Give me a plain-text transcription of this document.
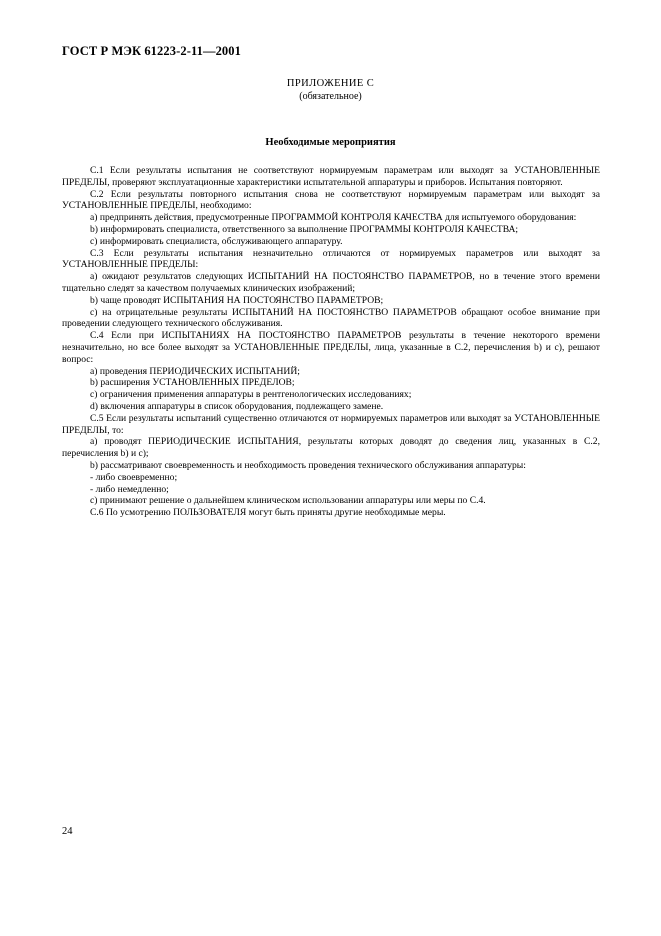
ГОСТ Р МЭК 61223-2-11—2001
ПРИЛОЖЕНИЕ С
(обязательное)
Необходимые мероприятия

С.1 Если результаты испытания не соответствуют нормируемым параметрам или выходят за УСТАНОВЛЕННЫЕ ПРЕДЕЛЫ, проверяют эксплуатационные характеристики испытательной аппаратуры и приборов. Испытания повторяют.

С.2 Если результаты повторного испытания снова не соответствуют нормируемым параметрам или выходят за УСТАНОВЛЕННЫЕ ПРЕДЕЛЫ, необходимо:

a) предпринять действия, предусмотренные ПРОГРАММОЙ КОНТРОЛЯ КАЧЕСТВА для испытуемого оборудования:

b) информировать специалиста, ответственного за выполнение ПРОГРАММЫ КОНТРОЛЯ КАЧЕСТВА;

c) информировать специалиста, обслуживающего аппаратуру.

С.3 Если результаты испытания незначительно отличаются от нормируемых параметров или выходят за УСТАНОВЛЕННЫЕ ПРЕДЕЛЫ:

a) ожидают результатов следующих ИСПЫТАНИЙ НА ПОСТОЯНСТВО ПАРАМЕТРОВ, но в течение этого времени тщательно следят за качеством получаемых клинических изображений;

b) чаще проводят ИСПЫТАНИЯ НА ПОСТОЯНСТВО ПАРАМЕТРОВ;

c) на отрицательные результаты ИСПЫТАНИЙ НА ПОСТОЯНСТВО ПАРАМЕТРОВ обращают особое внимание при проведении следующего технического обслуживания.

С.4 Если при ИСПЫТАНИЯХ НА ПОСТОЯНСТВО ПАРАМЕТРОВ результаты в течение некоторого времени незначительно, но все более выходят за УСТАНОВЛЕННЫЕ ПРЕДЕЛЫ, лица, указанные в С.2, перечисления b) и c), решают вопрос:

a) проведения ПЕРИОДИЧЕСКИХ ИСПЫТАНИЙ;

b) расширения УСТАНОВЛЕННЫХ ПРЕДЕЛОВ;

c) ограничения применения аппаратуры в рентгенологических исследованиях;

d) включения аппаратуры в список оборудования, подлежащего замене.

С.5 Если результаты испытаний существенно отличаются от нормируемых параметров или выходят за УСТАНОВЛЕННЫЕ ПРЕДЕЛЫ, то:

a) проводят ПЕРИОДИЧЕСКИЕ ИСПЫТАНИЯ, результаты которых доводят до сведения лиц, указанных в С.2, перечисления b) и c);

b) рассматривают своевременность и необходимость проведения технического обслуживания аппаратуры:

- либо своевременно;

- либо немедленно;

c) принимают решение о дальнейшем клиническом использовании аппаратуры или меры по С.4.

С.6 По усмотрению ПОЛЬЗОВАТЕЛЯ могут быть приняты другие необходимые меры.

24
